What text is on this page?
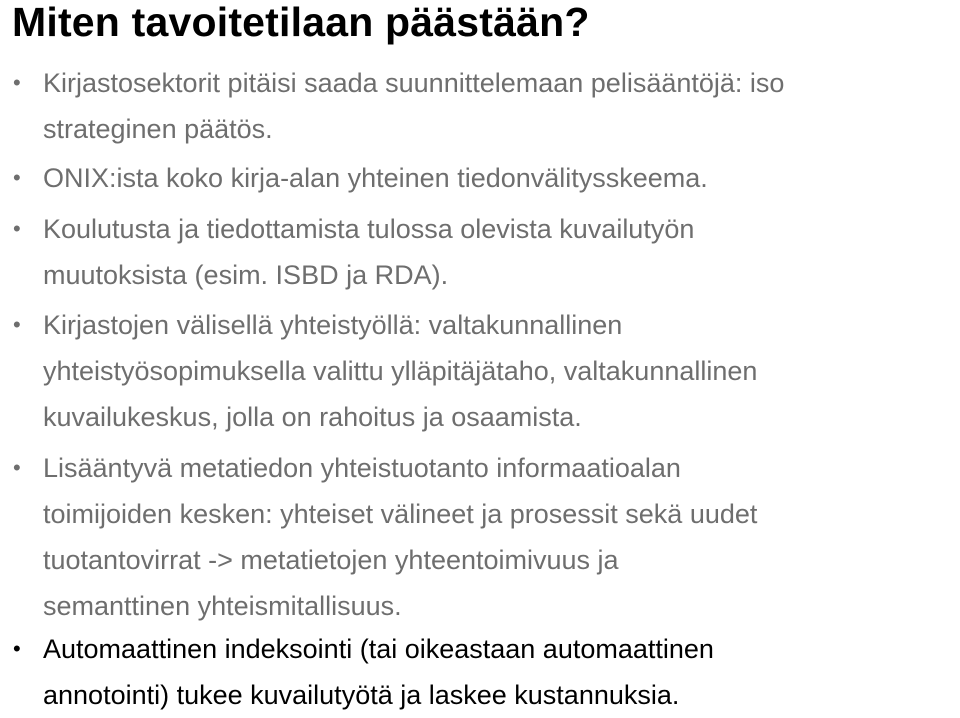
Miten tavoitetilaan päästään?
• Kirjastosektorit pitäisi saada suunnittelemaan pelisääntöjä: iso
strateginen päätös.
• ONIX:ista koko kirja-alan yhteinen tiedonvälitysskeema.
• Koulutusta ja tiedottamista tulossa olevista kuvailutyön
muutoksista (esim. ISBD ja RDA).
• Kirjastojen välisellä yhteistyöllä: valtakunnallinen
yhteistyösopimuksella valittu ylläpitäjätaho, valtakunnallinen
kuvailukeskus, jolla on rahoitus ja osaamista.
• Lisääntyvä metatiedon yhteistuotanto informaatioalan
toimijoiden kesken: yhteiset välineet ja prosessit sekä uudet
tuotantovirrat -> metatietojen yhteentoimivuus ja
semanttinen yhteismitallisuus.
• Automaattinen indeksointi (tai oikeastaan automaattinen
annotointi) tukee kuvailutyötä ja laskee kustannuksia.
